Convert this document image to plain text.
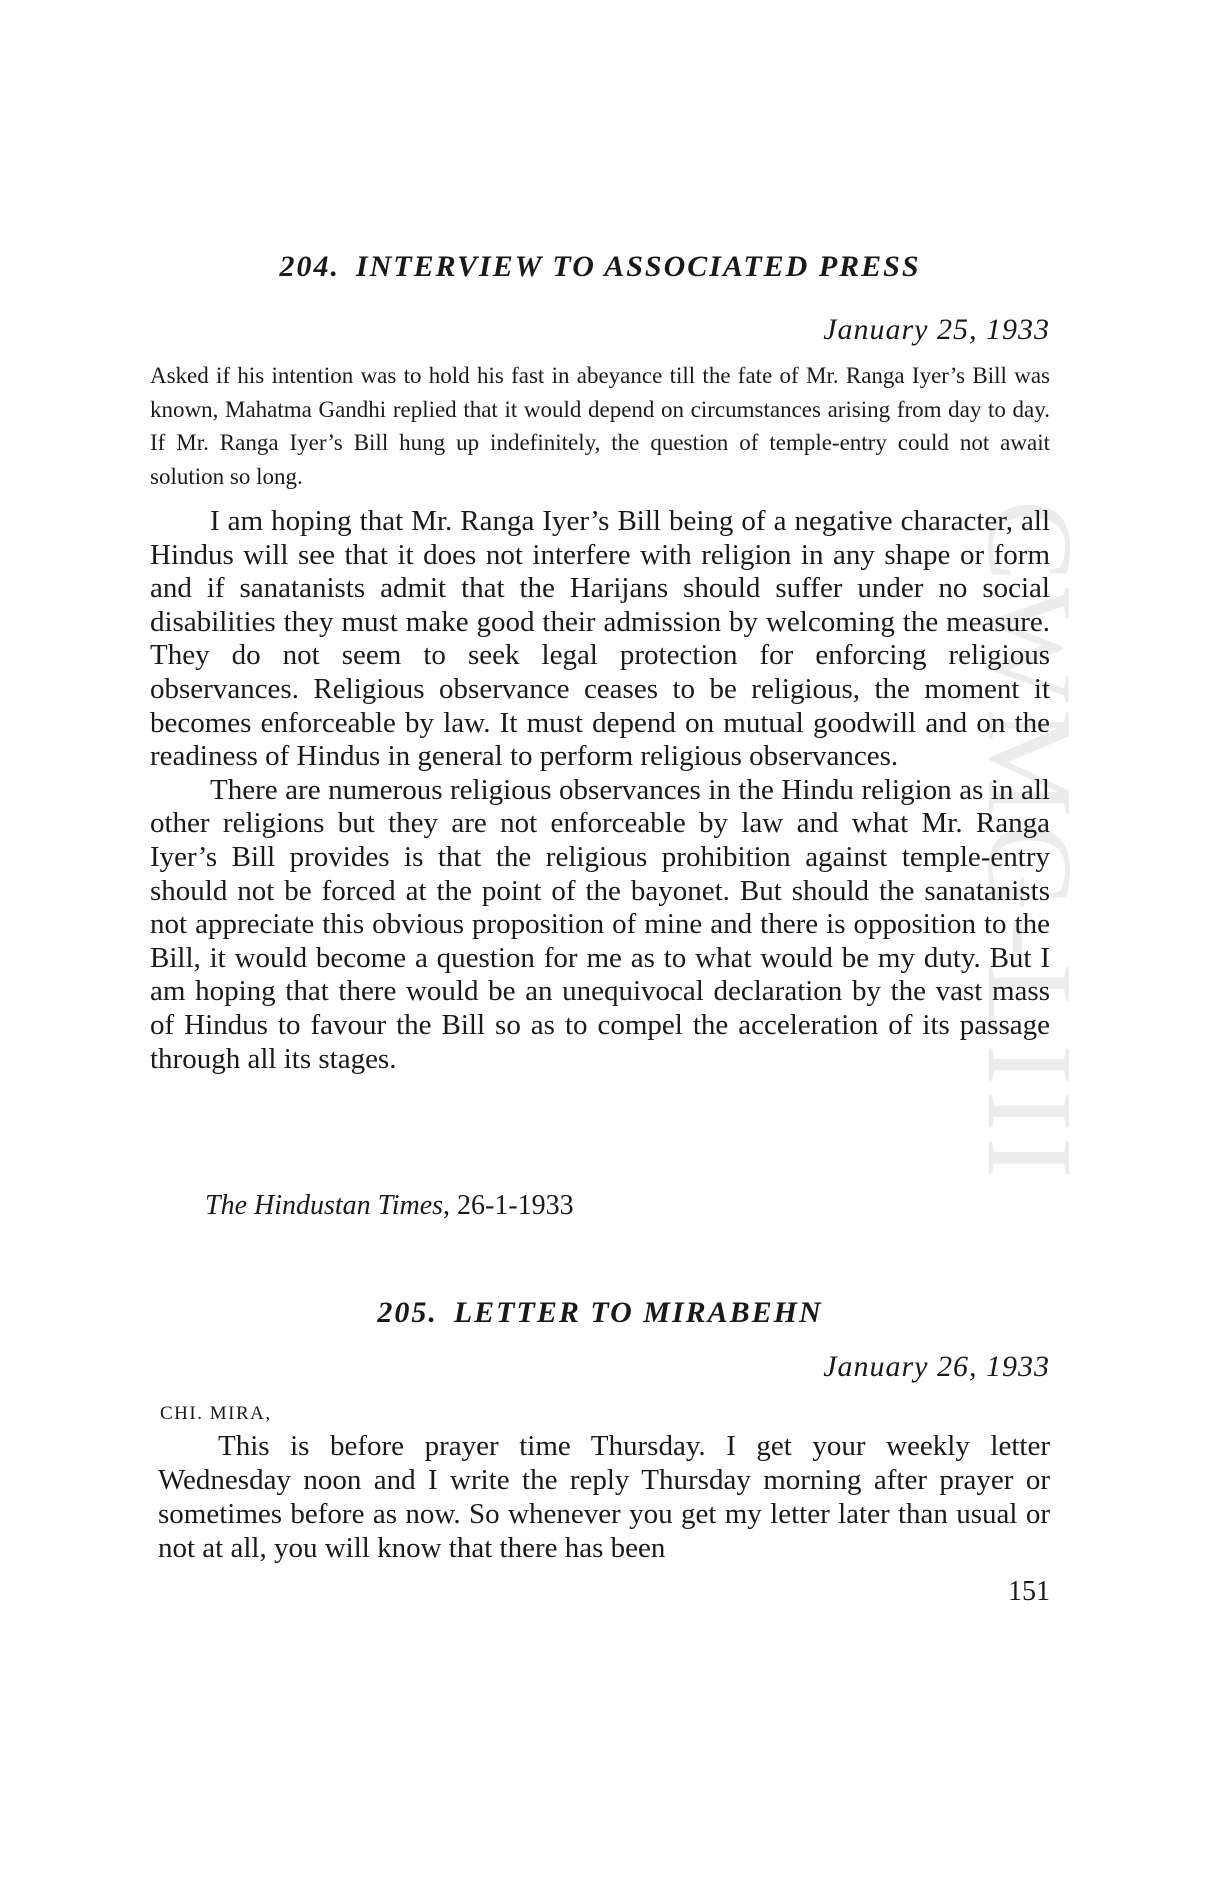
CWMG-LIII
204. INTERVIEW TO ASSOCIATED PRESS

January 25, 1933

Asked if his intention was to hold his fast in abeyance till the fate of Mr. Ranga Iyer’s Bill was known, Mahatma Gandhi replied that it would depend on circumstances arising from day to day. If Mr. Ranga Iyer’s Bill hung up indefinitely, the question of temple-entry could not await solution so long.

I am hoping that Mr. Ranga Iyer’s Bill being of a negative character, all Hindus will see that it does not interfere with religion in any shape or form and if sanatanists admit that the Harijans should suffer under no social disabilities they must make good their admission by welcoming the measure. They do not seem to seek legal protection for enforcing religious observances. Religious observance ceases to be religious, the moment it becomes enforceable by law. It must depend on mutual goodwill and on the readiness of Hindus in general to perform religious observances.

There are numerous religious observances in the Hindu religion as in all other religions but they are not enforceable by law and what Mr. Ranga Iyer’s Bill provides is that the religious prohibition against temple-entry should not be forced at the point of the bayonet. But should the sanatanists not appreciate this obvious proposition of mine and there is opposition to the Bill, it would become a question for me as to what would be my duty. But I am hoping that there would be an unequivocal declaration by the vast mass of Hindus to favour the Bill so as to compel the acceleration of its passage through all its stages.

The Hindustan Times, 26-1-1933

205. LETTER TO MIRABEHN

January 26, 1933

CHI. MIRA,

This is before prayer time Thursday. I get your weekly letter Wednesday noon and I write the reply Thursday morning after prayer or sometimes before as now. So whenever you get my letter later than usual or not at all, you will know that there has been

151
